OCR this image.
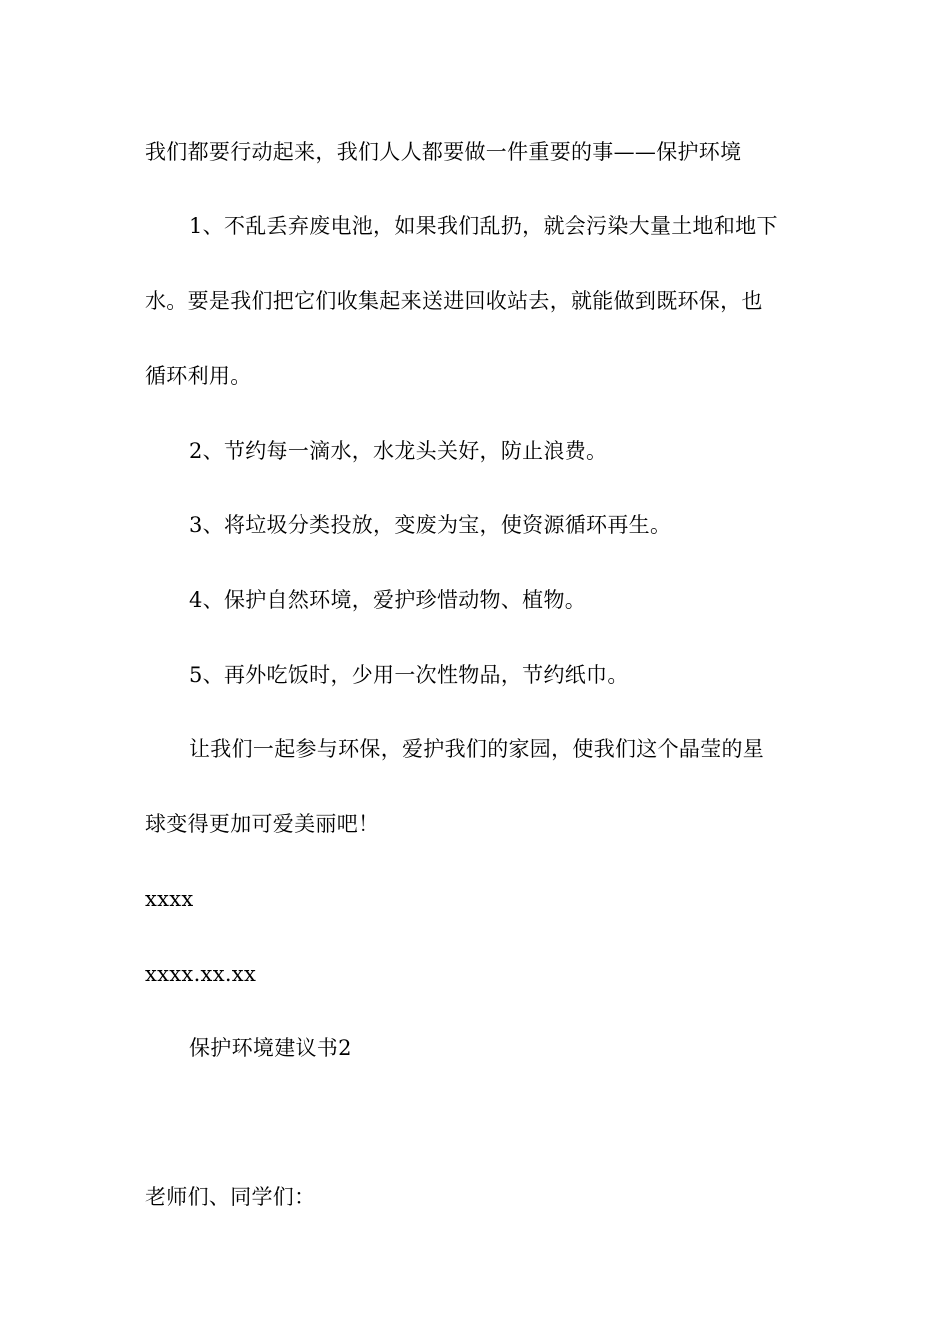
我们都要行动起来，我们人人都要做一件重要的事——保护环境
1、不乱丢弃废电池，如果我们乱扔，就会污染大量土地和地下
水。要是我们把它们收集起来送进回收站去，就能做到既环保，也
循环利用。
2、节约每一滴水，水龙头关好，防止浪费。
3、将垃圾分类投放，变废为宝，使资源循环再生。
4、保护自然环境，爱护珍惜动物、植物。
5、再外吃饭时，少用一次性物品，节约纸巾。
让我们一起参与环保，爱护我们的家园，使我们这个晶莹的星
球变得更加可爱美丽吧！
xxxx
xxxx.xx.xx
保护环境建议书2
老师们、同学们：
